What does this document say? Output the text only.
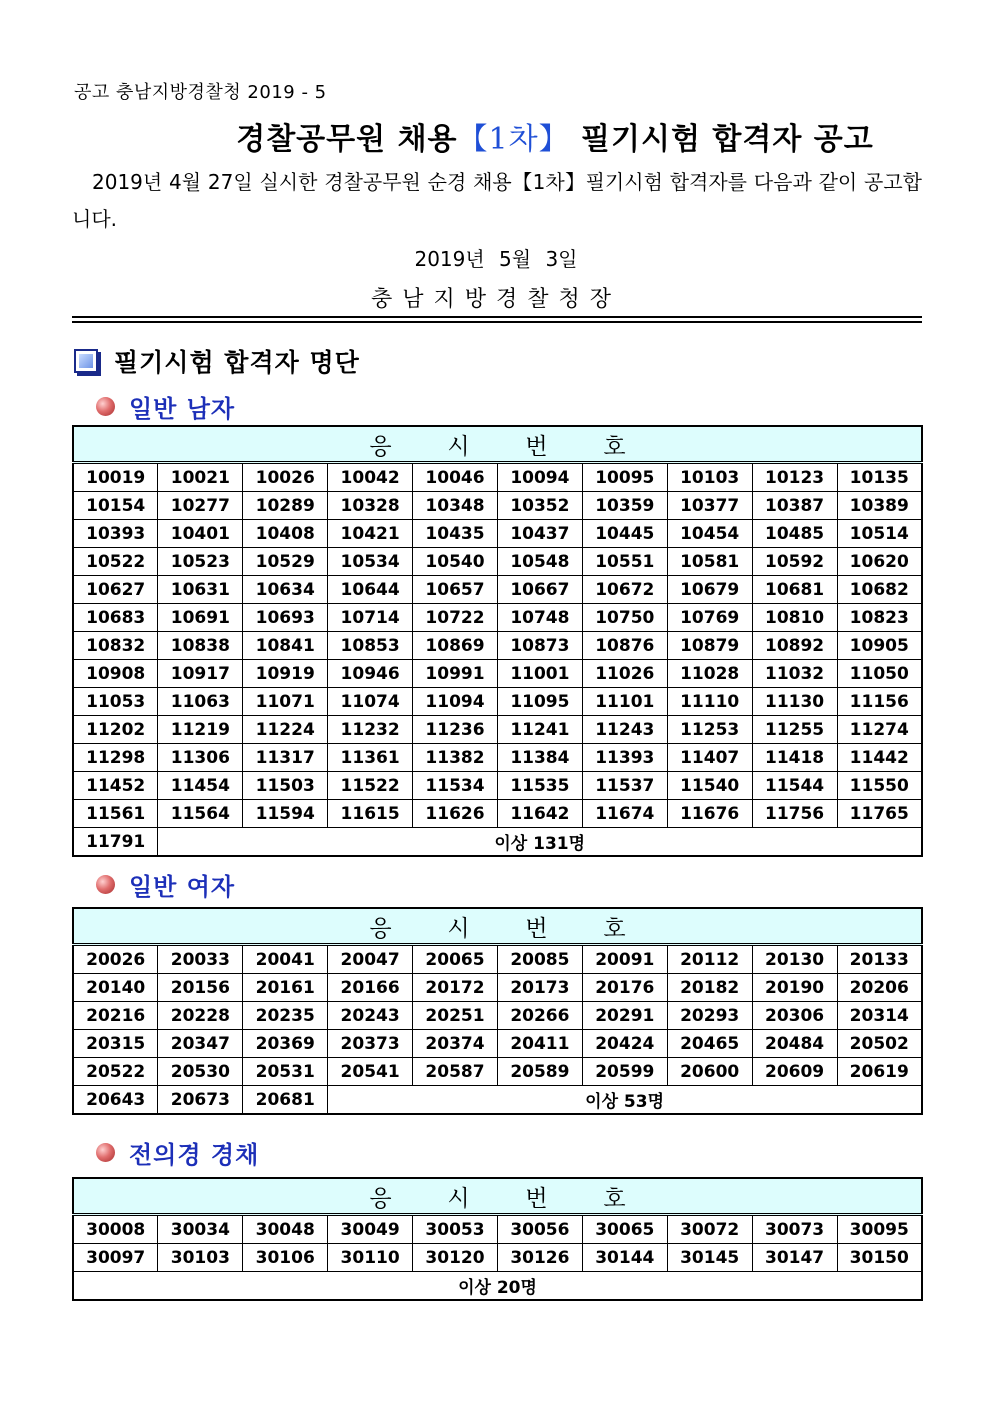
공고 충남지방경찰청 2019 - 5
경찰공무원 채용【1차】 필기시험 합격자 공고
2019년 4월 27일 실시한 경찰공무원 순경 채용【1차】필기시험 합격자를 다음과 같이 공고합니다.
2019년 5월 3일
충남지방경찰청장
필기시험 합격자 명단
일반 남자
응 시 번 호									

10019	10021	10026	10042	10046	10094	10095	10103	10123	10135
10154	10277	10289	10328	10348	10352	10359	10377	10387	10389
10393	10401	10408	10421	10435	10437	10445	10454	10485	10514
10522	10523	10529	10534	10540	10548	10551	10581	10592	10620
10627	10631	10634	10644	10657	10667	10672	10679	10681	10682
10683	10691	10693	10714	10722	10748	10750	10769	10810	10823
10832	10838	10841	10853	10869	10873	10876	10879	10892	10905
10908	10917	10919	10946	10991	11001	11026	11028	11032	11050
11053	11063	11071	11074	11094	11095	11101	11110	11130	11156
11202	11219	11224	11232	11236	11241	11243	11253	11255	11274
11298	11306	11317	11361	11382	11384	11393	11407	11418	11442
11452	11454	11503	11522	11534	11535	11537	11540	11544	11550
11561	11564	11594	11615	11626	11642	11674	11676	11756	11765
11791	이상 131명								
일반 여자
응 시 번 호									

20026	20033	20041	20047	20065	20085	20091	20112	20130	20133
20140	20156	20161	20166	20172	20173	20176	20182	20190	20206
20216	20228	20235	20243	20251	20266	20291	20293	20306	20314
20315	20347	20369	20373	20374	20411	20424	20465	20484	20502
20522	20530	20531	20541	20587	20589	20599	20600	20609	20619
20643	20673	20681	이상 53명						
전의경 경채
응 시 번 호									

30008	30034	30048	30049	30053	30056	30065	30072	30073	30095
30097	30103	30106	30110	30120	30126	30144	30145	30147	30150
이상 20명									
